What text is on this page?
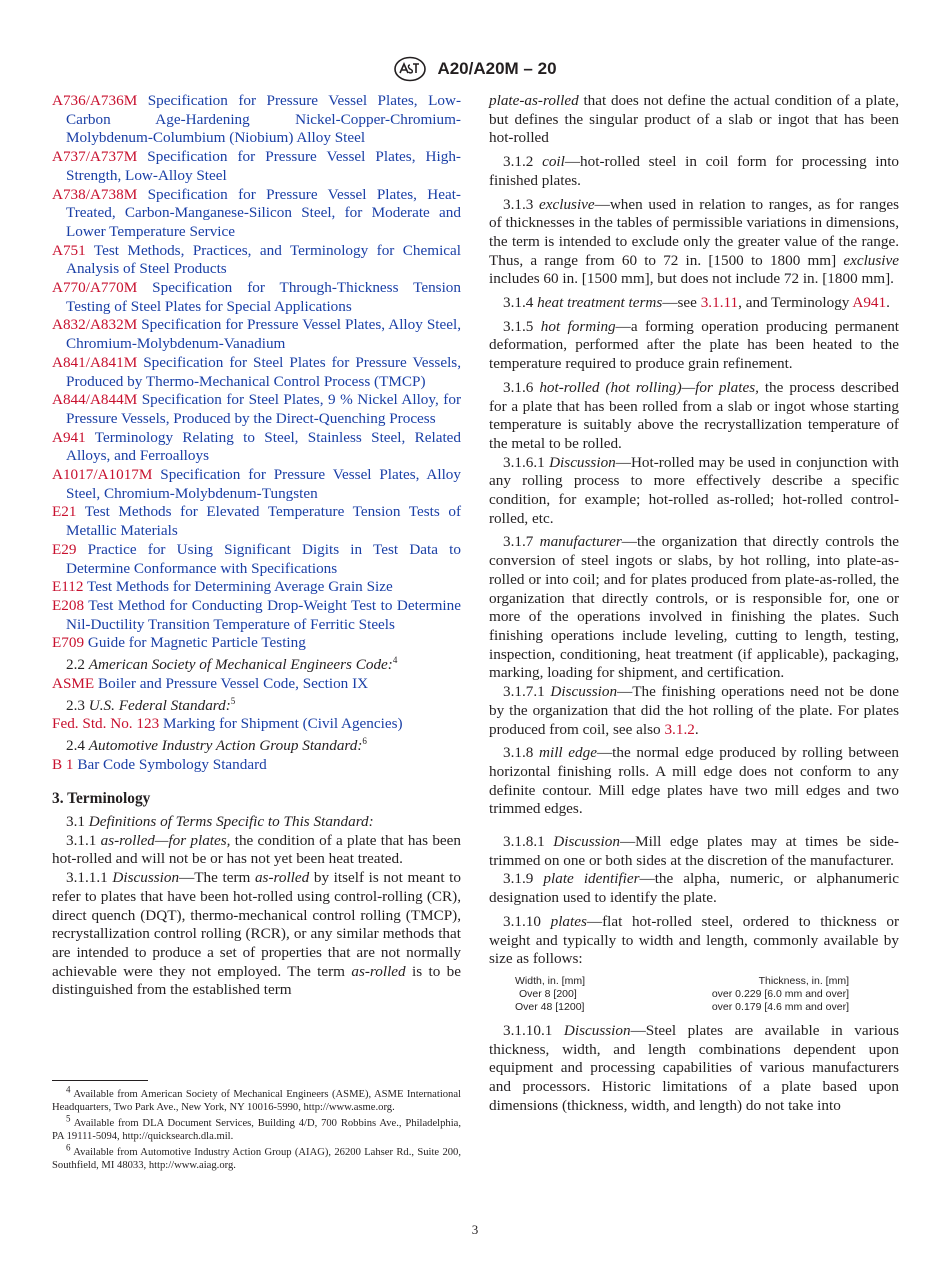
A20/A20M – 20

A736/A736M Specification for Pressure Vessel Plates, Low-Carbon Age-Hardening Nickel-Copper-Chromium-Molybdenum-Columbium (Niobium) Alloy Steel

A737/A737M Specification for Pressure Vessel Plates, High-Strength, Low-Alloy Steel

A738/A738M Specification for Pressure Vessel Plates, Heat-Treated, Carbon-Manganese-Silicon Steel, for Moderate and Lower Temperature Service

A751 Test Methods, Practices, and Terminology for Chemical Analysis of Steel Products

A770/A770M Specification for Through-Thickness Tension Testing of Steel Plates for Special Applications

A832/A832M Specification for Pressure Vessel Plates, Alloy Steel, Chromium-Molybdenum-Vanadium

A841/A841M Specification for Steel Plates for Pressure Vessels, Produced by Thermo-Mechanical Control Process (TMCP)

A844/A844M Specification for Steel Plates, 9 % Nickel Alloy, for Pressure Vessels, Produced by the Direct-Quenching Process

A941 Terminology Relating to Steel, Stainless Steel, Related Alloys, and Ferroalloys

A1017/A1017M Specification for Pressure Vessel Plates, Alloy Steel, Chromium-Molybdenum-Tungsten

E21 Test Methods for Elevated Temperature Tension Tests of Metallic Materials

E29 Practice for Using Significant Digits in Test Data to Determine Conformance with Specifications

E112 Test Methods for Determining Average Grain Size

E208 Test Method for Conducting Drop-Weight Test to Determine Nil-Ductility Transition Temperature of Ferritic Steels

E709 Guide for Magnetic Particle Testing

2.2 American Society of Mechanical Engineers Code:$^4$

ASME Boiler and Pressure Vessel Code, Section IX

2.3 U.S. Federal Standard:$^5$

Fed. Std. No. 123 Marking for Shipment (Civil Agencies)

2.4 Automotive Industry Action Group Standard:$^6$

B 1 Bar Code Symbology Standard

3. Terminology

3.1 Definitions of Terms Specific to This Standard:

3.1.1 as-rolled—for plates, the condition of a plate that has been hot-rolled and will not be or has not yet been heat treated.

3.1.1.1 Discussion—The term as-rolled by itself is not meant to refer to plates that have been hot-rolled using control-rolling (CR), direct quench (DQT), thermo-mechanical control rolling (TMCP), recrystallization control rolling (RCR), or any similar methods that are intended to produce a set of properties that are not normally achievable were they not employed. The term as-rolled is to be distinguished from the established term

$^4$ Available from American Society of Mechanical Engineers (ASME), ASME International Headquarters, Two Park Ave., New York, NY 10016-5990, http://www.asme.org.

$^5$ Available from DLA Document Services, Building 4/D, 700 Robbins Ave., Philadelphia, PA 19111-5094, http://quicksearch.dla.mil.

$^6$ Available from Automotive Industry Action Group (AIAG), 26200 Lahser Rd., Suite 200, Southfield, MI 48033, http://www.aiag.org.

plate-as-rolled that does not define the actual condition of a plate, but defines the singular product of a slab or ingot that has been hot-rolled

3.1.2 coil—hot-rolled steel in coil form for processing into finished plates.

3.1.3 exclusive—when used in relation to ranges, as for ranges of thicknesses in the tables of permissible variations in dimensions, the term is intended to exclude only the greater value of the range. Thus, a range from 60 to 72 in. [1500 to 1800 mm] exclusive includes 60 in. [1500 mm], but does not include 72 in. [1800 mm].

3.1.4 heat treatment terms—see 3.1.11, and Terminology A941.

3.1.5 hot forming—a forming operation producing permanent deformation, performed after the plate has been heated to the temperature required to produce grain refinement.

3.1.6 hot-rolled (hot rolling)—for plates, the process described for a plate that has been rolled from a slab or ingot whose starting temperature is suitably above the recrystallization temperature of the metal to be rolled.

3.1.6.1 Discussion—Hot-rolled may be used in conjunction with any rolling process to more effectively describe a specific condition, for example; hot-rolled as-rolled; hot-rolled control-rolled, etc.

3.1.7 manufacturer—the organization that directly controls the conversion of steel ingots or slabs, by hot rolling, into plate-as-rolled or into coil; and for plates produced from plate-as-rolled, the organization that directly controls, or is responsible for, one or more of the operations involved in finishing the plates. Such finishing operations include leveling, cutting to length, testing, inspection, conditioning, heat treatment (if applicable), packaging, marking, loading for shipment, and certification.

3.1.7.1 Discussion—The finishing operations need not be done by the organization that did the hot rolling of the plate. For plates produced from coil, see also 3.1.2.

3.1.8 mill edge—the normal edge produced by rolling between horizontal finishing rolls. A mill edge does not conform to any definite contour. Mill edge plates have two mill edges and two trimmed edges.

3.1.8.1 Discussion—Mill edge plates may at times be side-trimmed on one or both sides at the discretion of the manufacturer.

3.1.9 plate identifier—the alpha, numeric, or alphanumeric designation used to identify the plate.

3.1.10 plates—flat hot-rolled steel, ordered to thickness or weight and typically to width and length, commonly available by size as follows:

Width, in. [mm]	Thickness, in. [mm]
Over 8 [200]	over 0.229 [6.0 mm and over]
Over 48 [1200]	over 0.179 [4.6 mm and over]

3.1.10.1 Discussion—Steel plates are available in various thickness, width, and length combinations dependent upon equipment and processing capabilities of various manufacturers and processors. Historic limitations of a plate based upon dimensions (thickness, width, and length) do not take into

3
